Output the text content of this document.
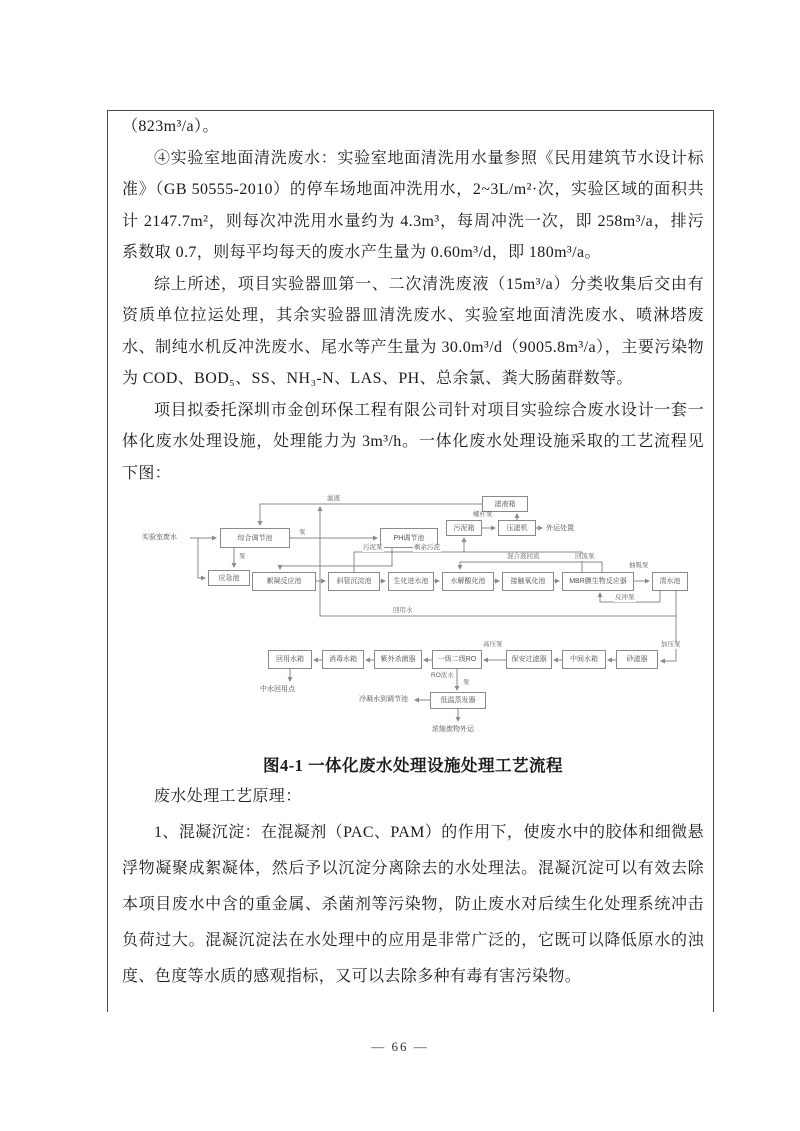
（823m³/a）。

④实验室地面清洗废水：实验室地面清洗用水量参照《民用建筑节水设计标准》（GB 50555-2010）的停车场地面冲洗用水，2~3L/m²·次，实验区域的面积共计 2147.7m²，则每次冲洗用水量约为 4.3m³，每周冲洗一次，即 258m³/a，排污系数取 0.7，则每平均每天的废水产生量为 0.60m³/d，即 180m³/a。

综上所述，项目实验器皿第一、二次清洗废液（15m³/a）分类收集后交由有资质单位拉运处理，其余实验器皿清洗废水、实验室地面清洗废水、喷淋塔废水、制纯水机反冲洗废水、尾水等产生量为 30.0m³/d（9005.8m³/a），主要污染物为 COD、BOD₅、SS、NH₃-N、LAS、PH、总余氯、粪大肠菌群数等。

项目拟委托深圳市金创环保工程有限公司针对项目实验综合废水设计一套一体化废水处理设施，处理能力为 3m³/h。一体化废水处理设施采取的工艺流程见下图：

实验室废水	综合调节池	PH调节池
应急池
滤液箱
污泥箱	压滤机	外运处置
絮凝反应池	斜管沉淀池	生化进水池	水解酸化池	接触氧化池	MBR膜生物反应器	清水池
回用水箱	消毒水箱	紫外杀菌器	一级二级RO	保安过滤器	中间水箱	砂滤器
低温蒸发器
中水回用点
冷凝水到调节池
浓缩废物外运
泵
泵
滤液
螺杆泵
污泥泵	剩余污泥
混合液回流	回流泵
抽吸泵
反冲泵
回用水
加压泵
高压泵
RO浓水
泵
图4-1 一体化废水处理设施处理工艺流程

废水处理工艺原理：

1、混凝沉淀：在混凝剂（PAC、PAM）的作用下，使废水中的胶体和细微悬浮物凝聚成絮凝体，然后予以沉淀分离除去的水处理法。混凝沉淀可以有效去除本项目废水中含的重金属、杀菌剂等污染物，防止废水对后续生化处理系统冲击负荷过大。混凝沉淀法在水处理中的应用是非常广泛的，它既可以降低原水的浊度、色度等水质的感观指标，又可以去除多种有毒有害污染物。

— 66 —
